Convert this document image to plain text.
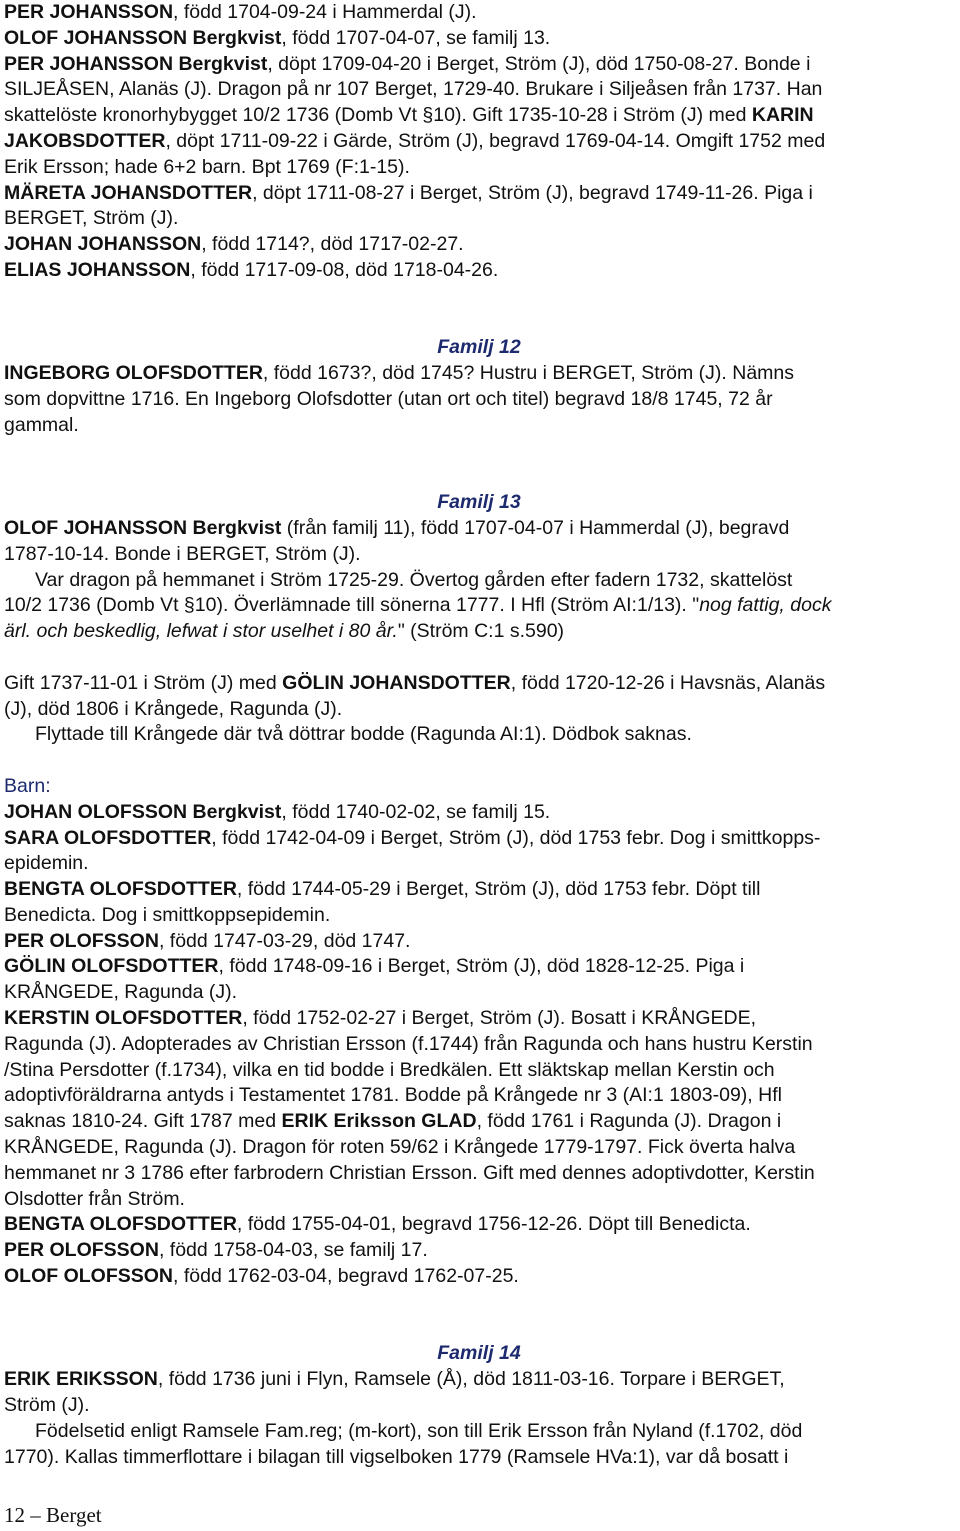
PER JOHANSSON, född 1704-09-24 i Hammerdal (J).
OLOF JOHANSSON Bergkvist, född 1707-04-07, se familj 13.
PER JOHANSSON Bergkvist, döpt 1709-04-20 i Berget, Ström (J), död 1750-08-27. Bonde i
SILJEÅSEN, Alanäs (J). Dragon på nr 107 Berget, 1729-40. Brukare i Siljeåsen från 1737. Han
skattelöste kronorhybygget 10/2 1736 (Domb Vt §10). Gift 1735-10-28 i Ström (J) med KARIN
JAKOBSDOTTER, döpt 1711-09-22 i Gärde, Ström (J), begravd 1769-04-14. Omgift 1752 med
Erik Ersson; hade 6+2 barn. Bpt 1769 (F:1-15).
MÄRETA JOHANSDOTTER, döpt 1711-08-27 i Berget, Ström (J), begravd 1749-11-26. Piga i
BERGET, Ström (J).
JOHAN JOHANSSON, född 1714?, död 1717-02-27.
ELIAS JOHANSSON, född 1717-09-08, död 1718-04-26.
Familj 12
INGEBORG OLOFSDOTTER, född 1673?, död 1745? Hustru i BERGET, Ström (J). Nämns
som dopvittne 1716. En Ingeborg Olofsdotter (utan ort och titel) begravd 18/8 1745, 72 år
gammal.
Familj 13
OLOF JOHANSSON Bergkvist (från familj 11), född 1707-04-07 i Hammerdal (J), begravd
1787-10-14. Bonde i BERGET, Ström (J).
Var dragon på hemmanet i Ström 1725-29. Övertog gården efter fadern 1732, skattelöst
10/2 1736 (Domb Vt §10). Överlämnade till sönerna 1777. I Hfl (Ström AI:1/13). "nog fattig, dock
ärl. och beskedlig, lefwat i stor uselhet i 80 år." (Ström C:1 s.590)
Gift 1737-11-01 i Ström (J) med GÖLIN JOHANSDOTTER, född 1720-12-26 i Havsnäs, Alanäs
(J), död 1806 i Krångede, Ragunda (J).
Flyttade till Krångede där två döttrar bodde (Ragunda AI:1). Dödbok saknas.
Barn:
JOHAN OLOFSSON Bergkvist, född 1740-02-02, se familj 15.
SARA OLOFSDOTTER, född 1742-04-09 i Berget, Ström (J), död 1753 febr. Dog i smittkopps-
epidemin.
BENGTA OLOFSDOTTER, född 1744-05-29 i Berget, Ström (J), död 1753 febr. Döpt till
Benedicta. Dog i smittkoppsepidemin.
PER OLOFSSON, född 1747-03-29, död 1747.
GÖLIN OLOFSDOTTER, född 1748-09-16 i Berget, Ström (J), död 1828-12-25. Piga i
KRÅNGEDE, Ragunda (J).
KERSTIN OLOFSDOTTER, född 1752-02-27 i Berget, Ström (J). Bosatt i KRÅNGEDE,
Ragunda (J). Adopterades av Christian Ersson (f.1744) från Ragunda och hans hustru Kerstin
/Stina Persdotter (f.1734), vilka en tid bodde i Bredkälen. Ett släktskap mellan Kerstin och
adoptivföräldrarna antyds i Testamentet 1781. Bodde på Krångede nr 3 (AI:1 1803-09), Hfl
saknas 1810-24. Gift 1787 med ERIK Eriksson GLAD, född 1761 i Ragunda (J). Dragon i
KRÅNGEDE, Ragunda (J). Dragon för roten 59/62 i Krångede 1779-1797. Fick överta halva
hemmanet nr 3 1786 efter farbrodern Christian Ersson. Gift med dennes adoptivdotter, Kerstin
Olsdotter från Ström.
BENGTA OLOFSDOTTER, född 1755-04-01, begravd 1756-12-26. Döpt till Benedicta.
PER OLOFSSON, född 1758-04-03, se familj 17.
OLOF OLOFSSON, född 1762-03-04, begravd 1762-07-25.
Familj 14
ERIK ERIKSSON, född 1736 juni i Flyn, Ramsele (Å), död 1811-03-16. Torpare i BERGET,
Ström (J).
Födelsetid enligt Ramsele Fam.reg; (m-kort), son till Erik Ersson från Nyland (f.1702, död
1770). Kallas timmerflottare i bilagan till vigselboken 1779 (Ramsele HVa:1), var då bosatt i
12 – Berget
